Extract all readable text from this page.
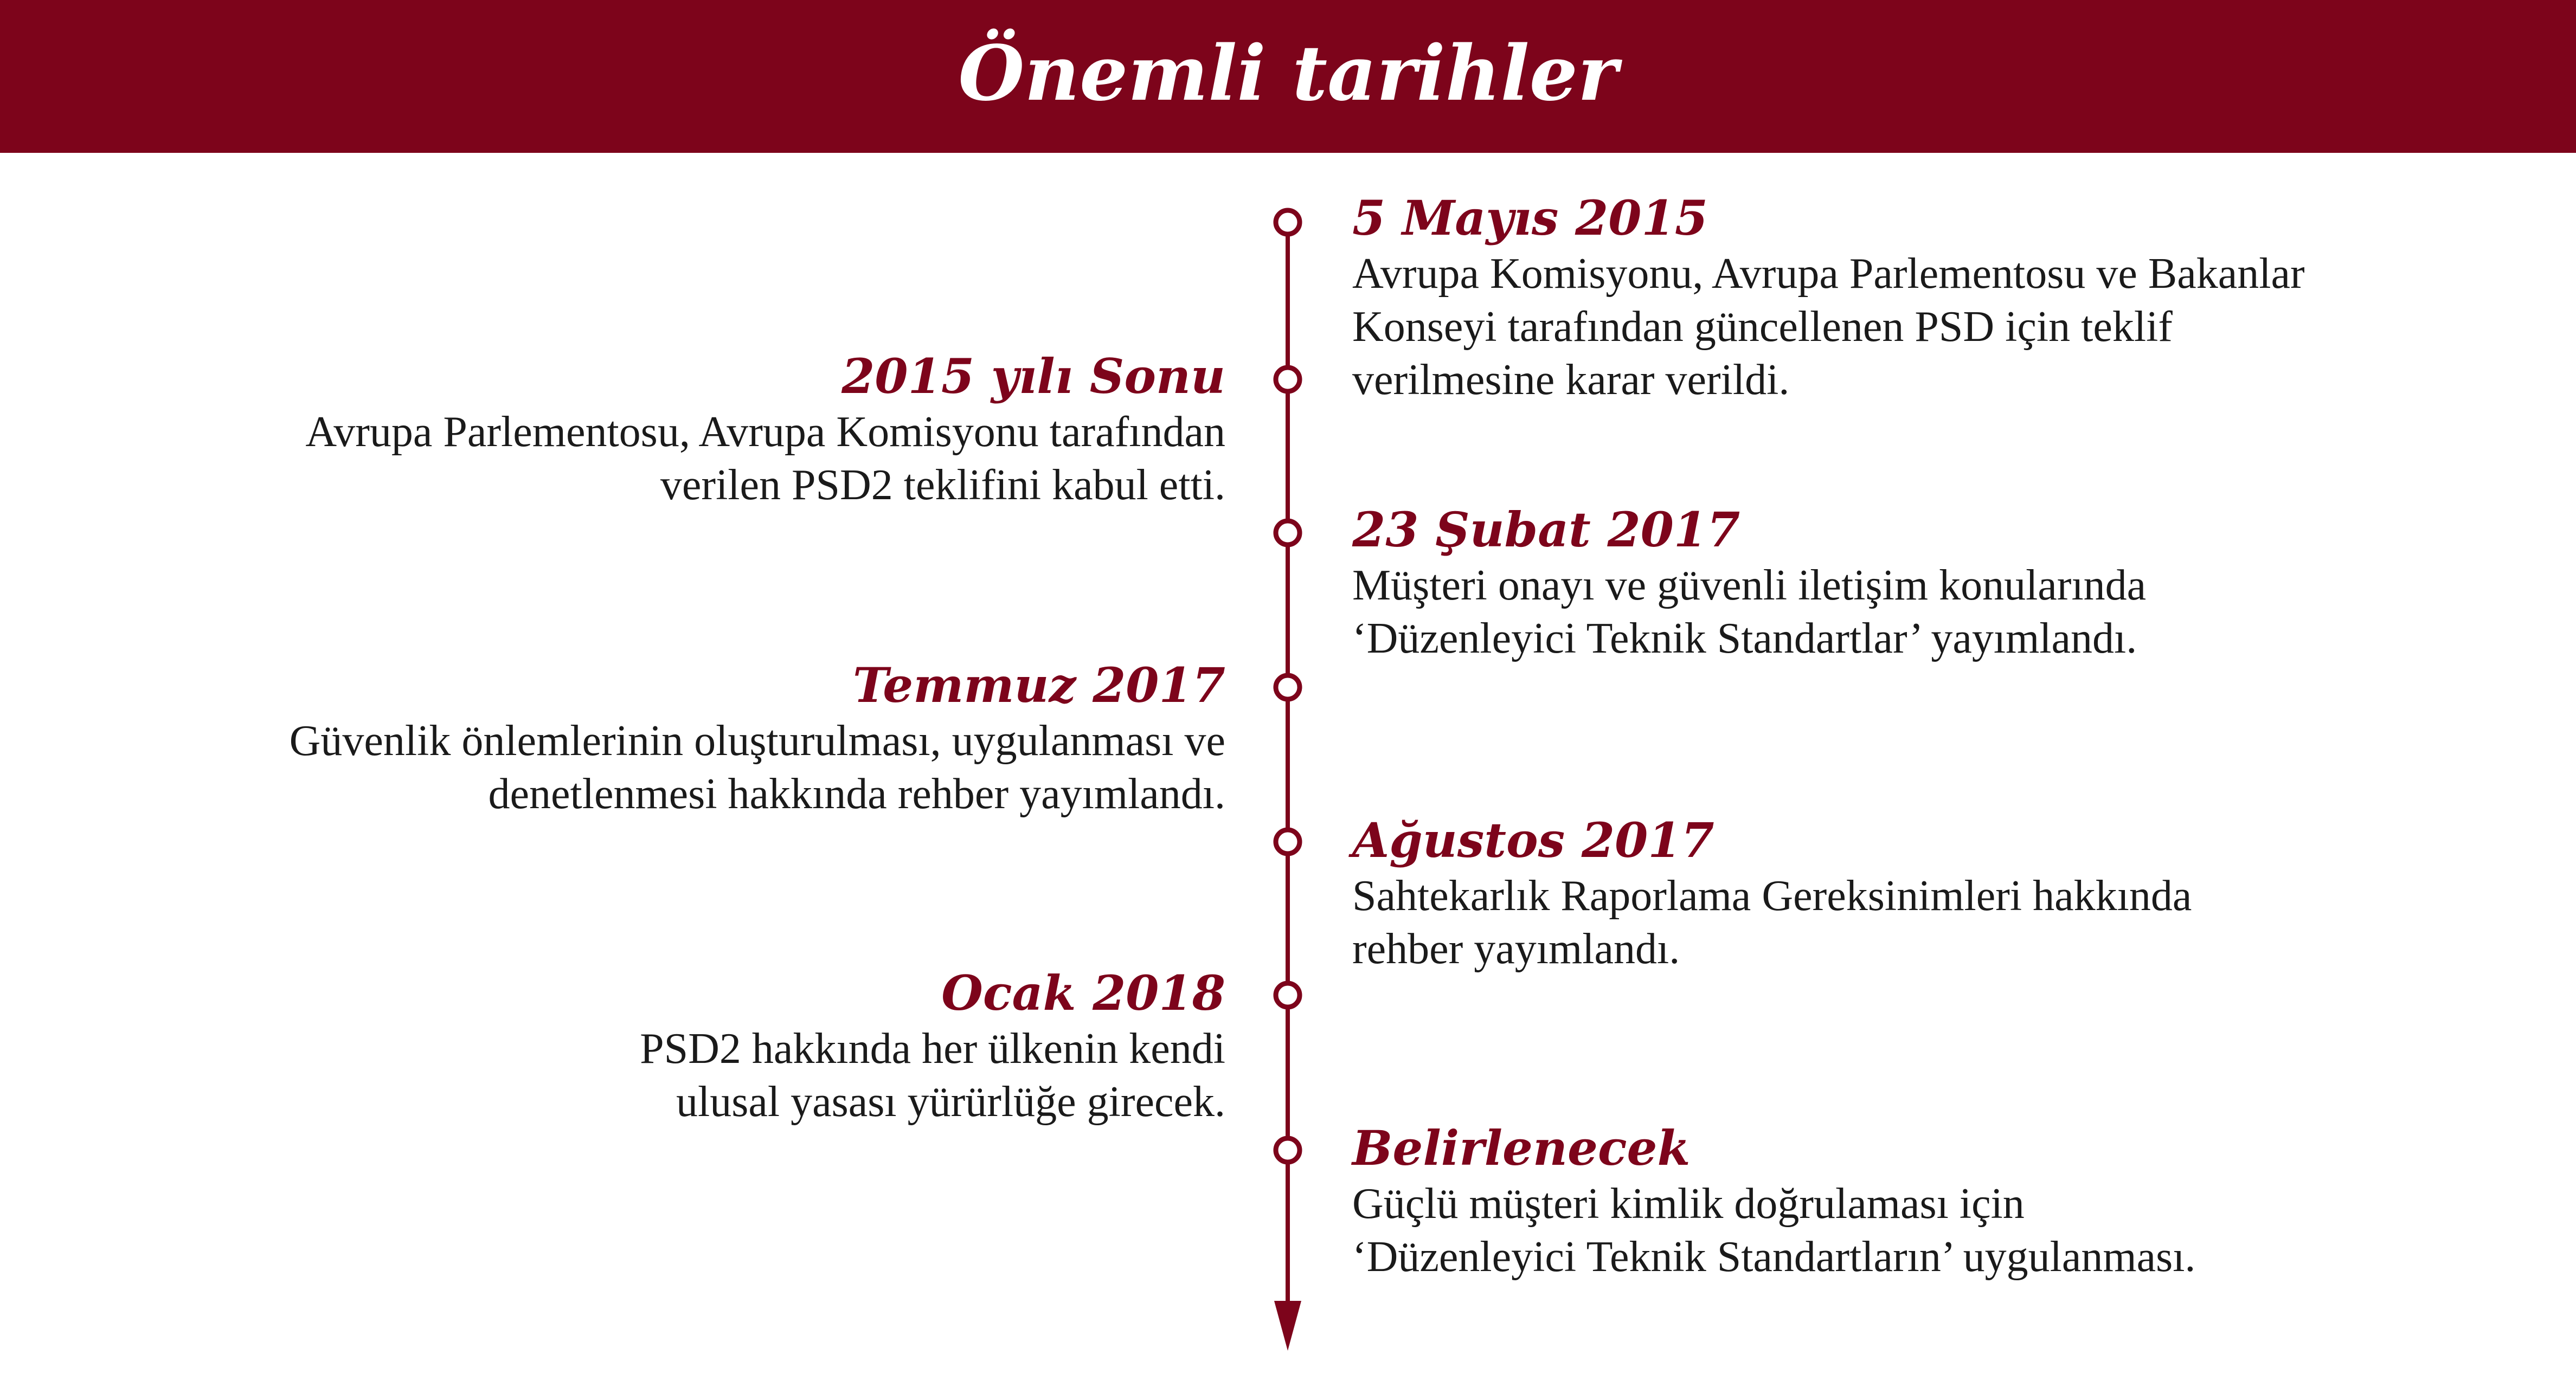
Önemli tarihler
5 Mayıs 2015
Avrupa Komisyonu, Avrupa Parlementosu ve Bakanlar
Konseyi tarafından güncellenen PSD için teklif
verilmesine karar verildi.
2015 yılı Sonu
Avrupa Parlementosu, Avrupa Komisyonu tarafından
verilen PSD2 teklifini kabul etti.
23 Şubat 2017
Müşteri onayı ve güvenli iletişim konularında
‘Düzenleyici Teknik Standartlar’ yayımlandı.
Temmuz 2017
Güvenlik önlemlerinin oluşturulması, uygulanması ve
denetlenmesi hakkında rehber yayımlandı.
Ağustos 2017
Sahtekarlık Raporlama Gereksinimleri hakkında
rehber yayımlandı.
Ocak 2018
PSD2 hakkında her ülkenin kendi
ulusal yasası yürürlüğe girecek.
Belirlenecek
Güçlü müşteri kimlik doğrulaması için
‘Düzenleyici Teknik Standartların’ uygulanması.
